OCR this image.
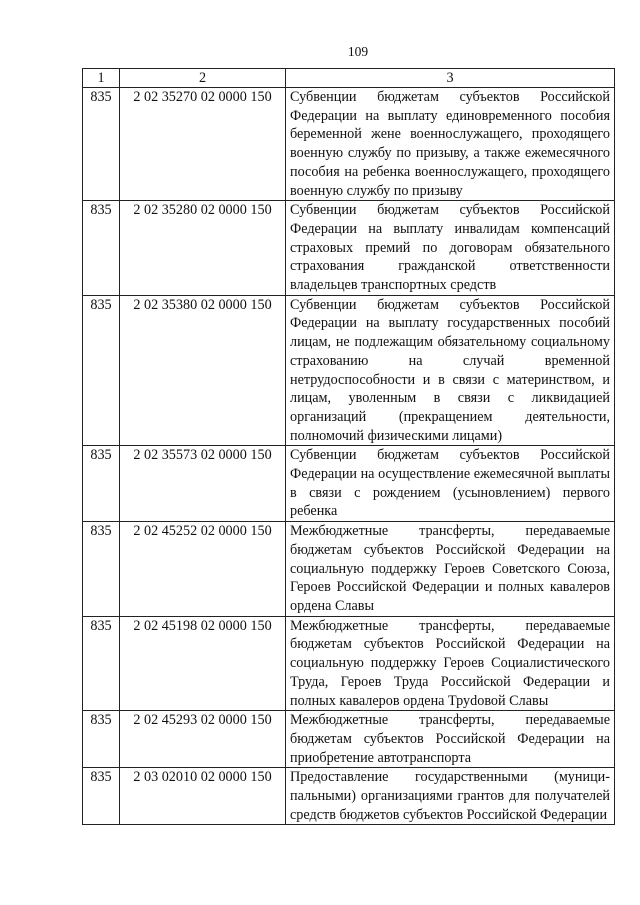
109
1	2	3
835	2 02 35270 02 0000 150	Субвенции бюджетам субъектов Российской Федерации на выплату единовременного пособия беременной жене военнослужащего, проходящего военную службу по призыву, а также ежемесячного пособия на ребенка военнослужащего, проходящего военную службу по призыву
835	2 02 35280 02 0000 150	Субвенции бюджетам субъектов Российской Федерации на выплату инвалидам компенсаций страховых премий по договорам обязательного страхования гражданской ответственности владельцев транспортных средств
835	2 02 35380 02 0000 150	Субвенции бюджетам субъектов Российской Федерации на выплату государственных пособий лицам, не подлежащим обязательному социальному страхованию на случай временной нетрудоспособности и в связи с материнством, и лицам, уволенным в связи с ликвидацией организаций (прекращением деятельности, полномочий физическими лицами)
835	2 02 35573 02 0000 150	Субвенции бюджетам субъектов Российской Федерации на осуществление ежемесячной выплаты в связи с рождением (усыновлением) первого ребенка
835	2 02 45252 02 0000 150	Межбюджетные трансферты, передаваемые бюджетам субъектов Российской Федерации на социальную поддержку Героев Советского Союза, Героев Российской Федерации и полных кавалеров ордена Славы
835	2 02 45198 02 0000 150	Межбюджетные трансферты, передаваемые бюджетам субъектов Российской Федерации на социальную поддержку Героев Социалистического Труда, Героев Труда Российской Федерации и полных кавалеров ордена Труdовой Славы
835	2 02 45293 02 0000 150	Межбюджетные трансферты, передаваемые бюджетам субъектов Российской Федерации на приобретение автотранспорта
835	2 03 02010 02 0000 150	Предоставление государственными (муниципальными) организациями грантов для получателей средств бюджетов субъектов Российской Федерации
